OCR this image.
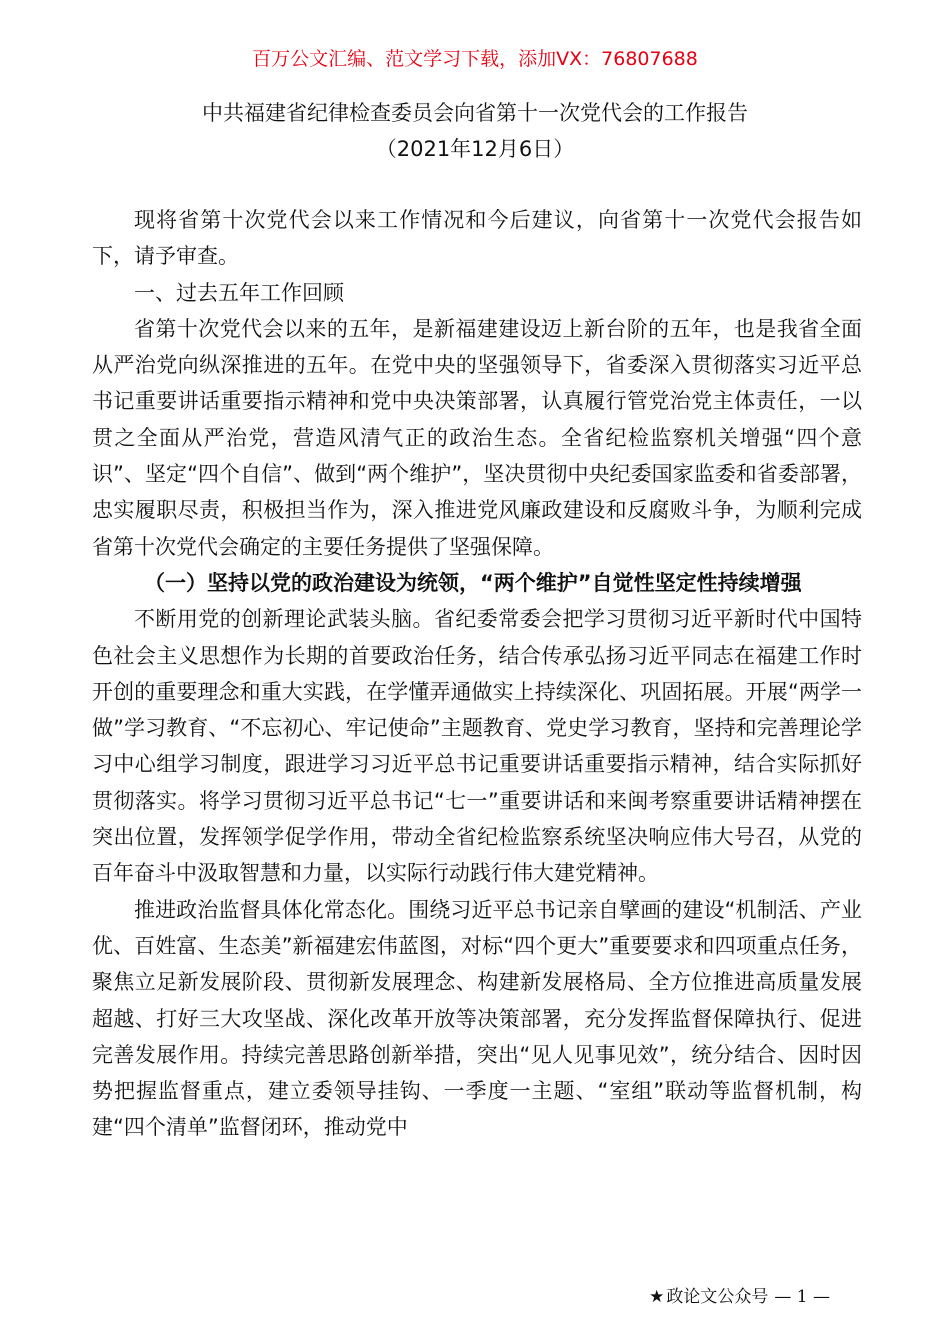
百万公文汇编、范文学习下载，添加VX：76807688
中共福建省纪律检查委员会向省第十一次党代会的工作报告
（2021年12月6日）

现将省第十次党代会以来工作情况和今后建议，向省第十一次党代会报告如下，请予审查。

一、过去五年工作回顾

省第十次党代会以来的五年，是新福建建设迈上新台阶的五年，也是我省全面从严治党向纵深推进的五年。在党中央的坚强领导下，省委深入贯彻落实习近平总书记重要讲话重要指示精神和党中央决策部署，认真履行管党治党主体责任，一以贯之全面从严治党，营造风清气正的政治生态。全省纪检监察机关增强“四个意识”、坚定“四个自信”、做到“两个维护”，坚决贯彻中央纪委国家监委和省委部署，忠实履职尽责，积极担当作为，深入推进党风廉政建设和反腐败斗争，为顺利完成省第十次党代会确定的主要任务提供了坚强保障。

（一）坚持以党的政治建设为统领，“两个维护”自觉性坚定性持续增强

不断用党的创新理论武装头脑。省纪委常委会把学习贯彻习近平新时代中国特色社会主义思想作为长期的首要政治任务，结合传承弘扬习近平同志在福建工作时开创的重要理念和重大实践，在学懂弄通做实上持续深化、巩固拓展。开展“两学一做”学习教育、“不忘初心、牢记使命”主题教育、党史学习教育，坚持和完善理论学习中心组学习制度，跟进学习习近平总书记重要讲话重要指示精神，结合实际抓好贯彻落实。将学习贯彻习近平总书记“七一”重要讲话和来闽考察重要讲话精神摆在突出位置，发挥领学促学作用，带动全省纪检监察系统坚决响应伟大号召，从党的百年奋斗中汲取智慧和力量，以实际行动践行伟大建党精神。

推进政治监督具体化常态化。围绕习近平总书记亲自擘画的建设“机制活、产业优、百姓富、生态美”新福建宏伟蓝图，对标“四个更大”重要要求和四项重点任务，聚焦立足新发展阶段、贯彻新发展理念、构建新发展格局、全方位推进高质量发展超越、打好三大攻坚战、深化改革开放等决策部署，充分发挥监督保障执行、促进完善发展作用。持续完善思路创新举措，突出“见人见事见效”，统分结合、因时因势把握监督重点，建立委领导挂钩、一季度一主题、“室组”联动等监督机制，构建“四个清单”监督闭环，推动党中

★ 政论文公众号 — 1 —
